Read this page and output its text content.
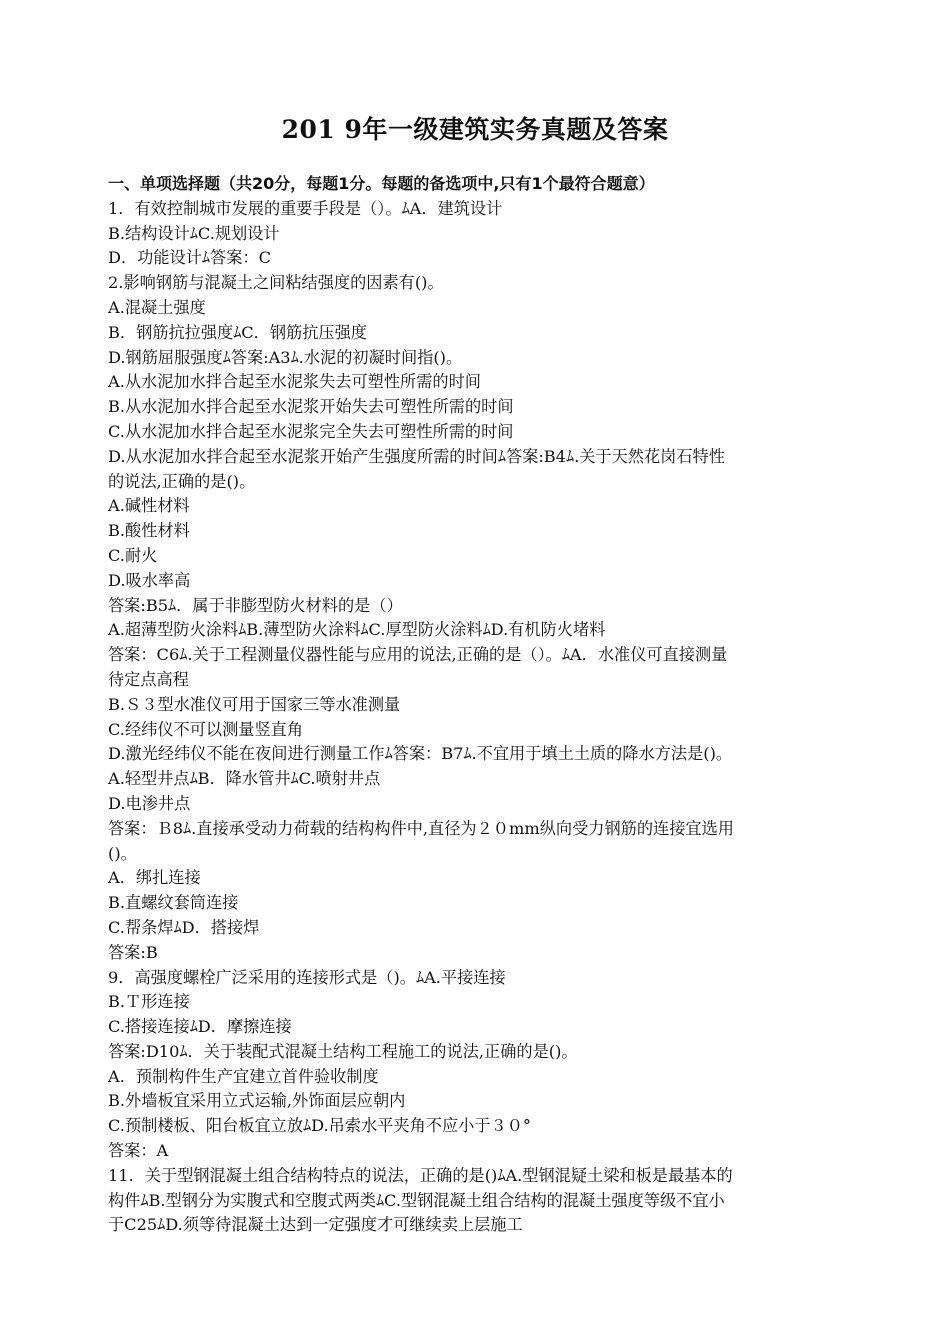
201 9年一级建筑实务真题及答案
一、单项选择题（共20分，每题1分。每题的备选项中,只有1个最符合题意）
1．有效控制城市发展的重要手段是（）。ﾑA．建筑设计
B.结构设计ﾑC.规划设计
D．功能设计ﾑ答案：C
2.影响钢筋与混凝土之间粘结强度的因素有()。
A.混凝土强度
B．钢筋抗拉强度ﾑC．钢筋抗压强度
D.钢筋屈服强度ﾑ答案:A3ﾑ.水泥的初凝时间指()。
A.从水泥加水拌合起至水泥浆失去可塑性所需的时间
B.从水泥加水拌合起至水泥浆开始失去可塑性所需的时间
C.从水泥加水拌合起至水泥浆完全失去可塑性所需的时间
D.从水泥加水拌合起至水泥浆开始产生强度所需的时间ﾑ答案:B4ﾑ.关于天然花岗石特性
的说法,正确的是()。
A.碱性材料
B.酸性材料
C.耐火
D.吸水率高
答案:B5ﾑ．属于非膨型防火材料的是（）
A.超薄型防火涂料ﾑB.薄型防火涂料ﾑC.厚型防火涂料ﾑD.有机防火堵料
答案：C6ﾑ.关于工程测量仪器性能与应用的说法,正确的是（）。ﾑA．水准仪可直接测量
待定点高程
B.Ｓ３型水准仪可用于国家三等水准测量
C.经纬仪不可以测量竖直角
D.激光经纬仪不能在夜间进行测量工作ﾑ答案：B7ﾑ.不宜用于填土土质的降水方法是()。
A.轻型井点ﾑB．降水管井ﾑC.喷射井点
D.电渗井点
答案：Ｂ8ﾑ.直接承受动力荷载的结构构件中,直径为２０mm纵向受力钢筋的连接宜选用
()。
A．绑扎连接
B.直螺纹套筒连接
C.帮条焊ﾑD．搭接焊
答案:B
9．高强度螺栓广泛采用的连接形式是（)。ﾑA.平接连接
B.Ｔ形连接
C.搭接连接ﾑD．摩擦连接
答案:D10ﾑ．关于装配式混凝土结构工程施工的说法,正确的是()。
A．预制构件生产宜建立首件验收制度
B.外墙板宜采用立式运输,外饰面层应朝内
C.预制楼板、阳台板宜立放ﾑD.吊索水平夹角不应小于３０°
答案：A
11．关于型钢混凝土组合结构特点的说法，正确的是()ﾑA.型钢混疑土梁和板是最基本的
构件ﾑB.型钢分为实腹式和空腹式两类ﾑC.型钢混凝土组合结构的混凝土强度等级不宜小
于C25ﾑD.须等待混凝土达到一定强度才可继续卖上层施工
